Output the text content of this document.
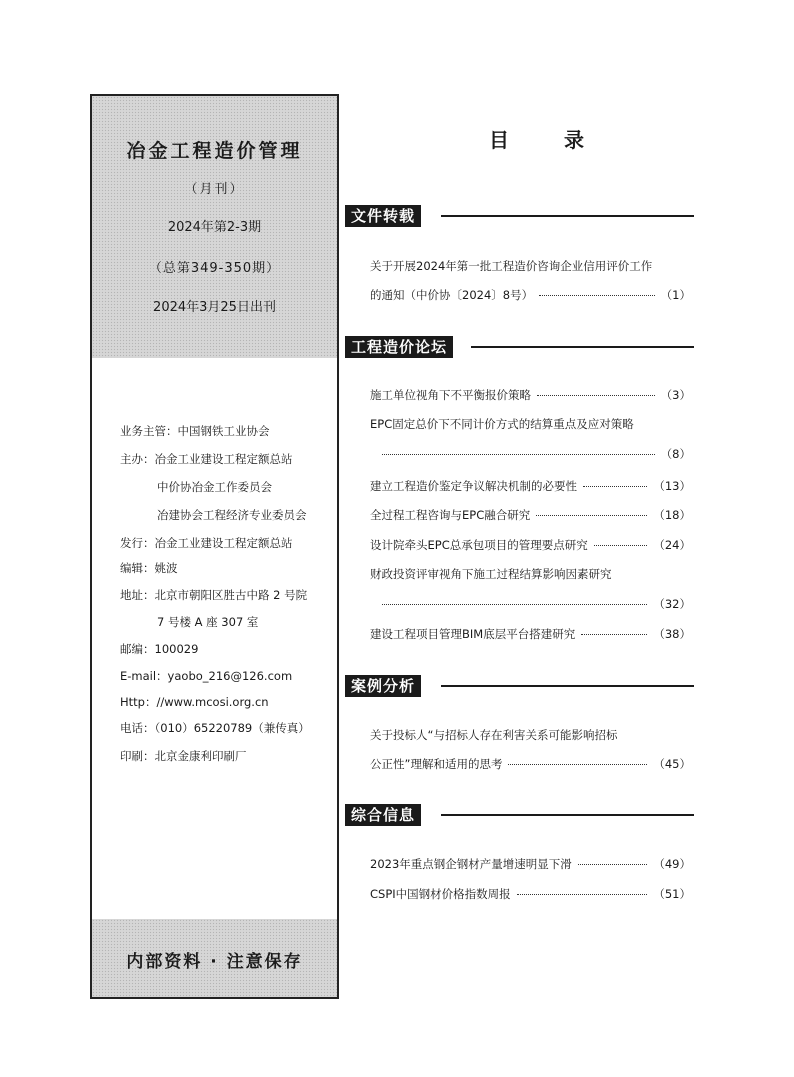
冶金工程造价管理
（月刊）
2024年第2-3期
（总第349-350期）
2024年3月25日出刊
业务主管：中国钢铁工业协会
主办：冶金工业建设工程定额总站
中价协冶金工作委员会
冶建协会工程经济专业委员会
发行：冶金工业建设工程定额总站
编辑：姚波
地址：北京市朝阳区胜古中路 2 号院
7 号楼 A 座 307 室
邮编：100029
E-mail：yaobo_216@126.com
Http：//www.mcosi.org.cn
电话：（010）65220789（兼传真）
印刷：北京金康利印刷厂
内部资料 · 注意保存
目 录
文件转载
关于开展2024年第一批工程造价咨询企业信用评价工作
的通知（中价协〔2024〕8号）	（1）
工程造价论坛
施工单位视角下不平衡报价策略	（3）
EPC固定总价下不同计价方式的结算重点及应对策略
（8）
建立工程造价鉴定争议解决机制的必要性	（13）
全过程工程咨询与EPC融合研究	（18）
设计院牵头EPC总承包项目的管理要点研究	（24）
财政投资评审视角下施工过程结算影响因素研究
（32）
建设工程项目管理BIM底层平台搭建研究	（38）
案例分析
关于投标人“与招标人存在利害关系可能影响招标
公正性”理解和适用的思考	（45）
综合信息
2023年重点钢企钢材产量增速明显下滑	（49）
CSPI中国钢材价格指数周报	（51）
